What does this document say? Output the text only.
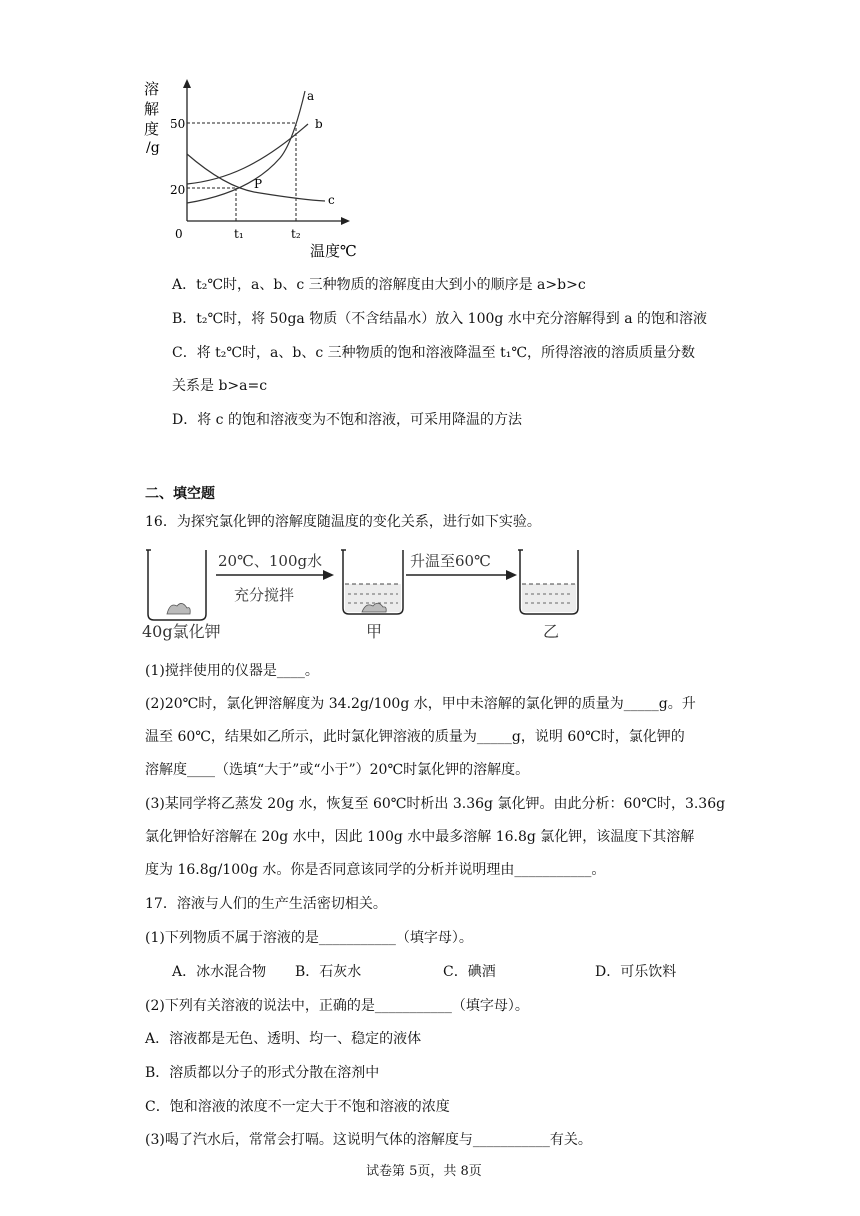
溶
解
度
/g
0
50
20
t₁	t₂
a
b
c
P
温度℃
A．t₂℃时，a、b、c 三种物质的溶解度由大到小的顺序是 a>b>c
B．t₂℃时，将 50ga 物质（不含结晶水）放入 100g 水中充分溶解得到 a 的饱和溶液
C．将 t₂℃时，a、b、c 三种物质的饱和溶液降温至 t₁℃，所得溶液的溶质质量分数
关系是 b>a=c
D．将 c 的饱和溶液变为不饱和溶液，可采用降温的方法
二、填空题
16．为探究氯化钾的溶解度随温度的变化关系，进行如下实验。
40g氯化钾
20℃、100g水
充分搅拌
甲
升温至60℃
乙
(1)搅拌使用的仪器是____。
(2)20℃时，氯化钾溶解度为 34.2g/100g 水，甲中未溶解的氯化钾的质量为_____g。升
温至 60℃，结果如乙所示，此时氯化钾溶液的质量为_____g，说明 60℃时，氯化钾的
溶解度____（选填“大于”或“小于”）20℃时氯化钾的溶解度。
(3)某同学将乙蒸发 20g 水，恢复至 60℃时析出 3.36g 氯化钾。由此分析：60℃时，3.36g
氯化钾恰好溶解在 20g 水中，因此 100g 水中最多溶解 16.8g 氯化钾，该温度下其溶解
度为 16.8g/100g 水。你是否同意该同学的分析并说明理由___________。
17．溶液与人们的生产生活密切相关。
(1)下列物质不属于溶液的是___________（填字母）。
A．冰水混合物 B．石灰水	C．碘酒	D．可乐饮料
(2)下列有关溶液的说法中，正确的是___________（填字母）。
A．溶液都是无色、透明、均一、稳定的液体
B．溶质都以分子的形式分散在溶剂中
C．饱和溶液的浓度不一定大于不饱和溶液的浓度
(3)喝了汽水后，常常会打嗝。这说明气体的溶解度与___________有关。
试卷第 5页，共 8页
